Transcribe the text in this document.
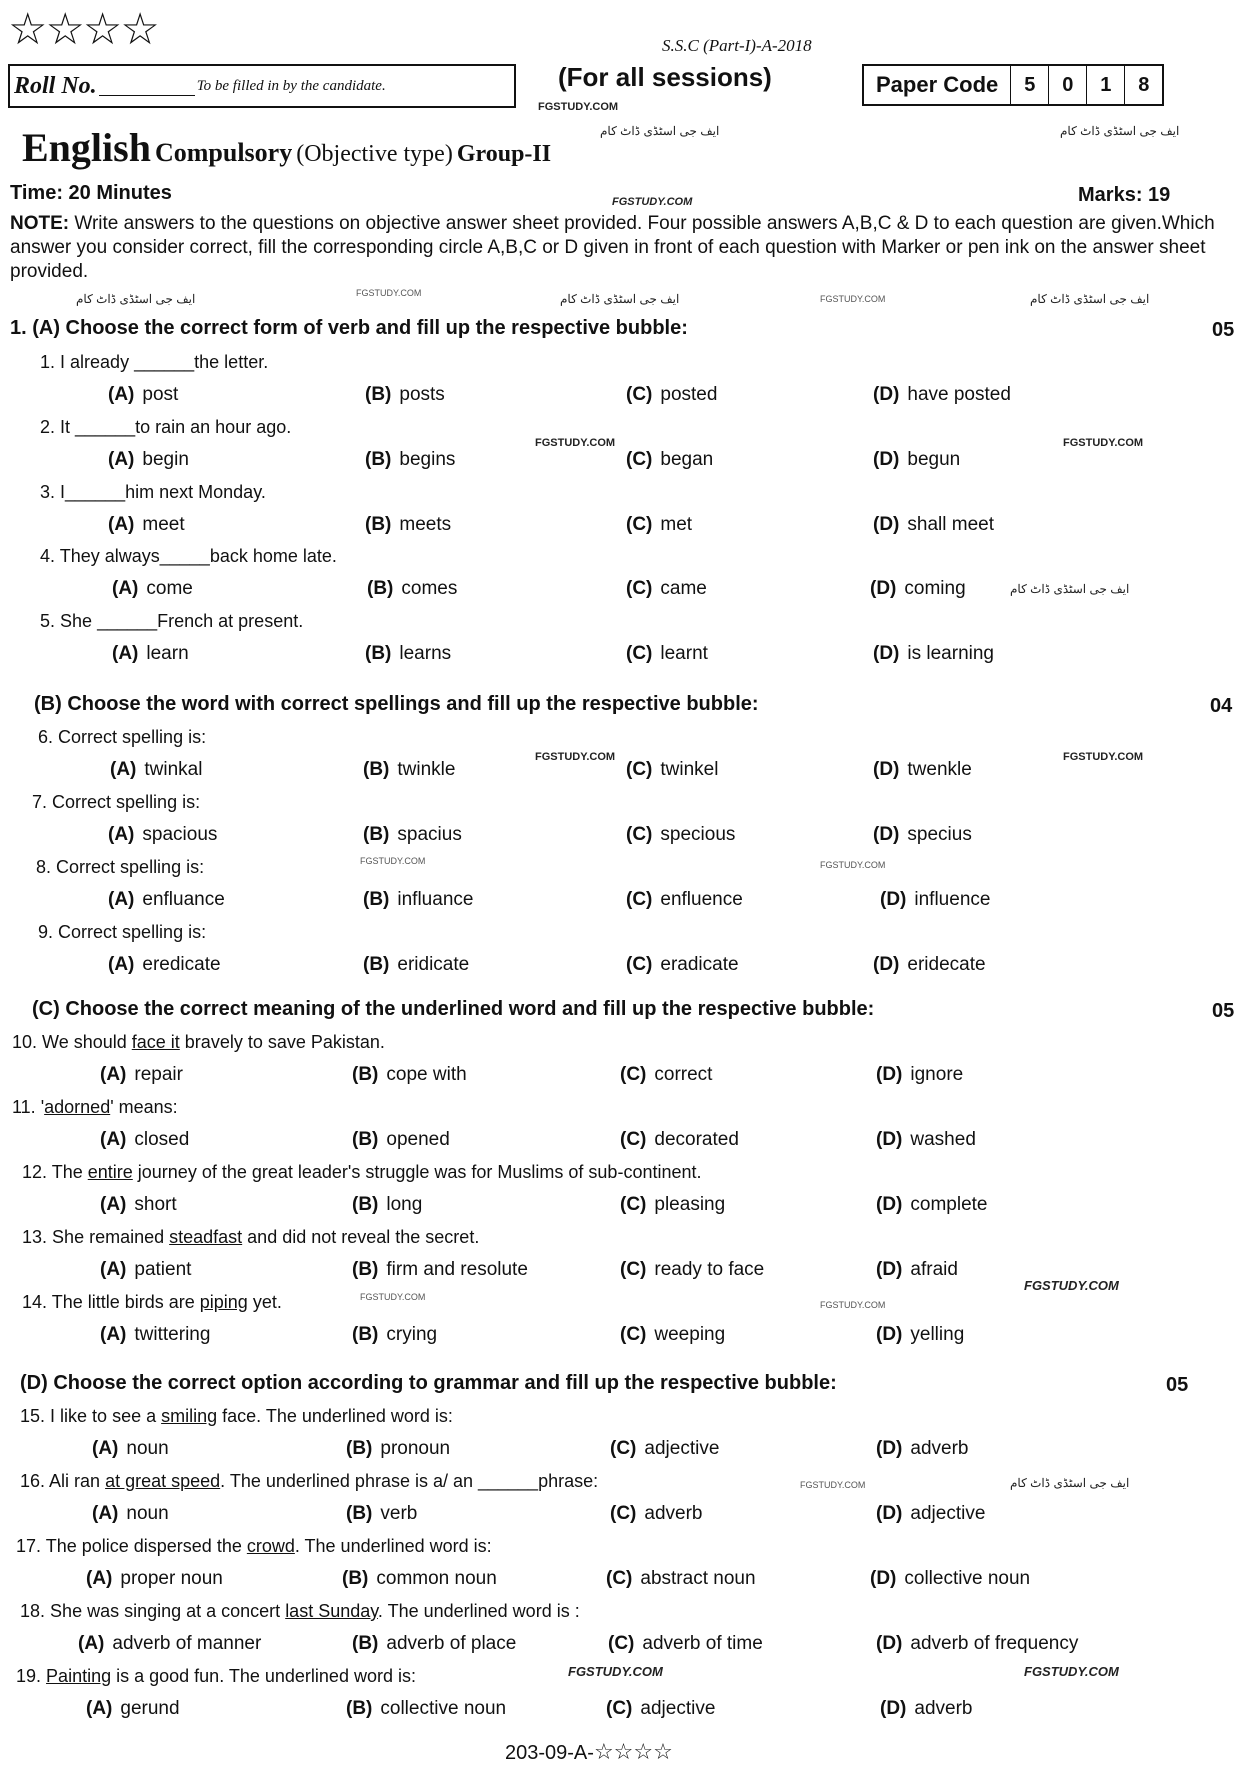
☆☆☆☆	S.S.C (Part-I)-A-2018
Roll No.	To be filled in by the candidate.	(For all sessions)
FGSTUDY.COM
Paper Code	5	0	1	8
English Compulsory (Objective type) Group-II
ایف جی اسٹڈی ڈاٹ کام	ایف جی اسٹڈی ڈاٹ کام
Time: 20 Minutes	FGSTUDY.COM	Marks: 19
NOTE: Write answers to the questions on objective answer sheet provided. Four possible answers A,B,C & D to each question are given.Which answer you consider correct, fill the corresponding circle A,B,C or D given in front of each question with Marker or pen ink on the answer sheet provided.
ایف جی اسٹڈی ڈاٹ کام	FGSTUDY.COM	ایف جی اسٹڈی ڈاٹ کام	FGSTUDY.COM	ایف جی اسٹڈی ڈاٹ کام
1. (A) Choose the correct form of verb and fill up the respective bubble:	05
1. I already ______the letter.
(A) post	(B) posts	(C) posted	(D) have posted
2. It ______to rain an hour ago.
FGSTUDY.COM	FGSTUDY.COM
(A) begin	(B) begins	(C) began	(D) begun
3. I______him next Monday.
(A) meet	(B) meets	(C) met	(D) shall meet
4. They always_____back home late.
(A) come	(B) comes	(C) came	(D) coming	ایف جی اسٹڈی ڈاٹ کام
5. She ______French at present.
(A) learn	(B) learns	(C) learnt	(D) is learning
(B) Choose the word with correct spellings and fill up the respective bubble:	04
6. Correct spelling is:
FGSTUDY.COM	FGSTUDY.COM
(A) twinkal	(B) twinkle	(C) twinkel	(D) twenkle
7. Correct spelling is:
(A) spacious	(B) spacius	(C) specious	(D) specius
8. Correct spelling is:	FGSTUDY.COM	FGSTUDY.COM
(A) enfluance	(B) influance	(C) enfluence	(D) influence
9. Correct spelling is:
(A) eredicate	(B) eridicate	(C) eradicate	(D) eridecate
(C) Choose the correct meaning of the underlined word and fill up the respective bubble:	05
10. We should face it bravely to save Pakistan.
(A) repair	(B) cope with	(C) correct	(D) ignore
11. 'adorned' means:
(A) closed	(B) opened	(C) decorated	(D) washed
12. The entire journey of the great leader's struggle was for Muslims of sub-continent.
(A) short	(B) long	(C) pleasing	(D) complete
13. She remained steadfast and did not reveal the secret.
(A) patient	(B) firm and resolute	(C) ready to face	(D) afraid
FGSTUDY.COM
14. The little birds are piping yet.	FGSTUDY.COM
FGSTUDY.COM
(A) twittering	(B) crying	(C) weeping	(D) yelling
(D) Choose the correct option according to grammar and fill up the respective bubble:	05
15. I like to see a smiling face. The underlined word is:
(A) noun	(B) pronoun	(C) adjective	(D) adverb
16. Ali ran at great speed. The underlined phrase is a/ an ______phrase:	FGSTUDY.COM	ایف جی اسٹڈی ڈاٹ کام
(A) noun	(B) verb	(C) adverb	(D) adjective
17. The police dispersed the crowd. The underlined word is:
(A) proper noun	(B) common noun	(C) abstract noun	(D) collective noun
18. She was singing at a concert last Sunday. The underlined word is :
(A) adverb of manner	(B) adverb of place	(C) adverb of time	(D) adverb of frequency
19. Painting is a good fun. The underlined word is:	FGSTUDY.COM	FGSTUDY.COM
(A) gerund	(B) collective noun	(C) adjective	(D) adverb
203-09-A-☆☆☆☆
